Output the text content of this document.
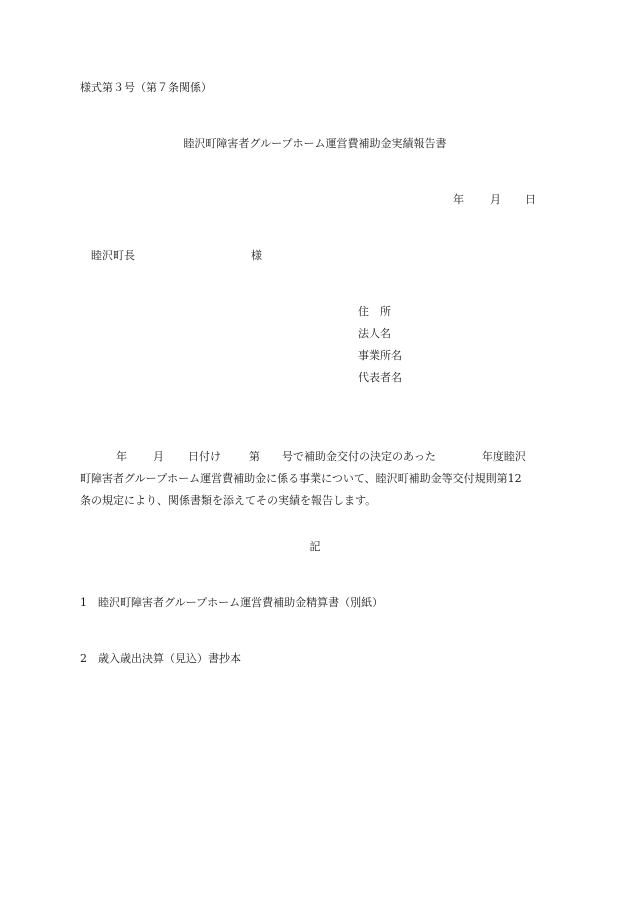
様式第３号（第７条関係）
睦沢町障害者グループホーム運営費補助金実績報告書
年 月 日
睦沢町長	様
住　所
法人名
事業所名
代表者名
年 月 日付け	第 号で補助金交付の決定のあった	年度睦沢
町障害者グループホーム運営費補助金に係る事業について、睦沢町補助金等交付規則第12
条の規定により、関係書類を添えてその実績を報告します。
記
1 睦沢町障害者グループホーム運営費補助金精算書（別紙）
2 歳入歳出決算（見込）書抄本
